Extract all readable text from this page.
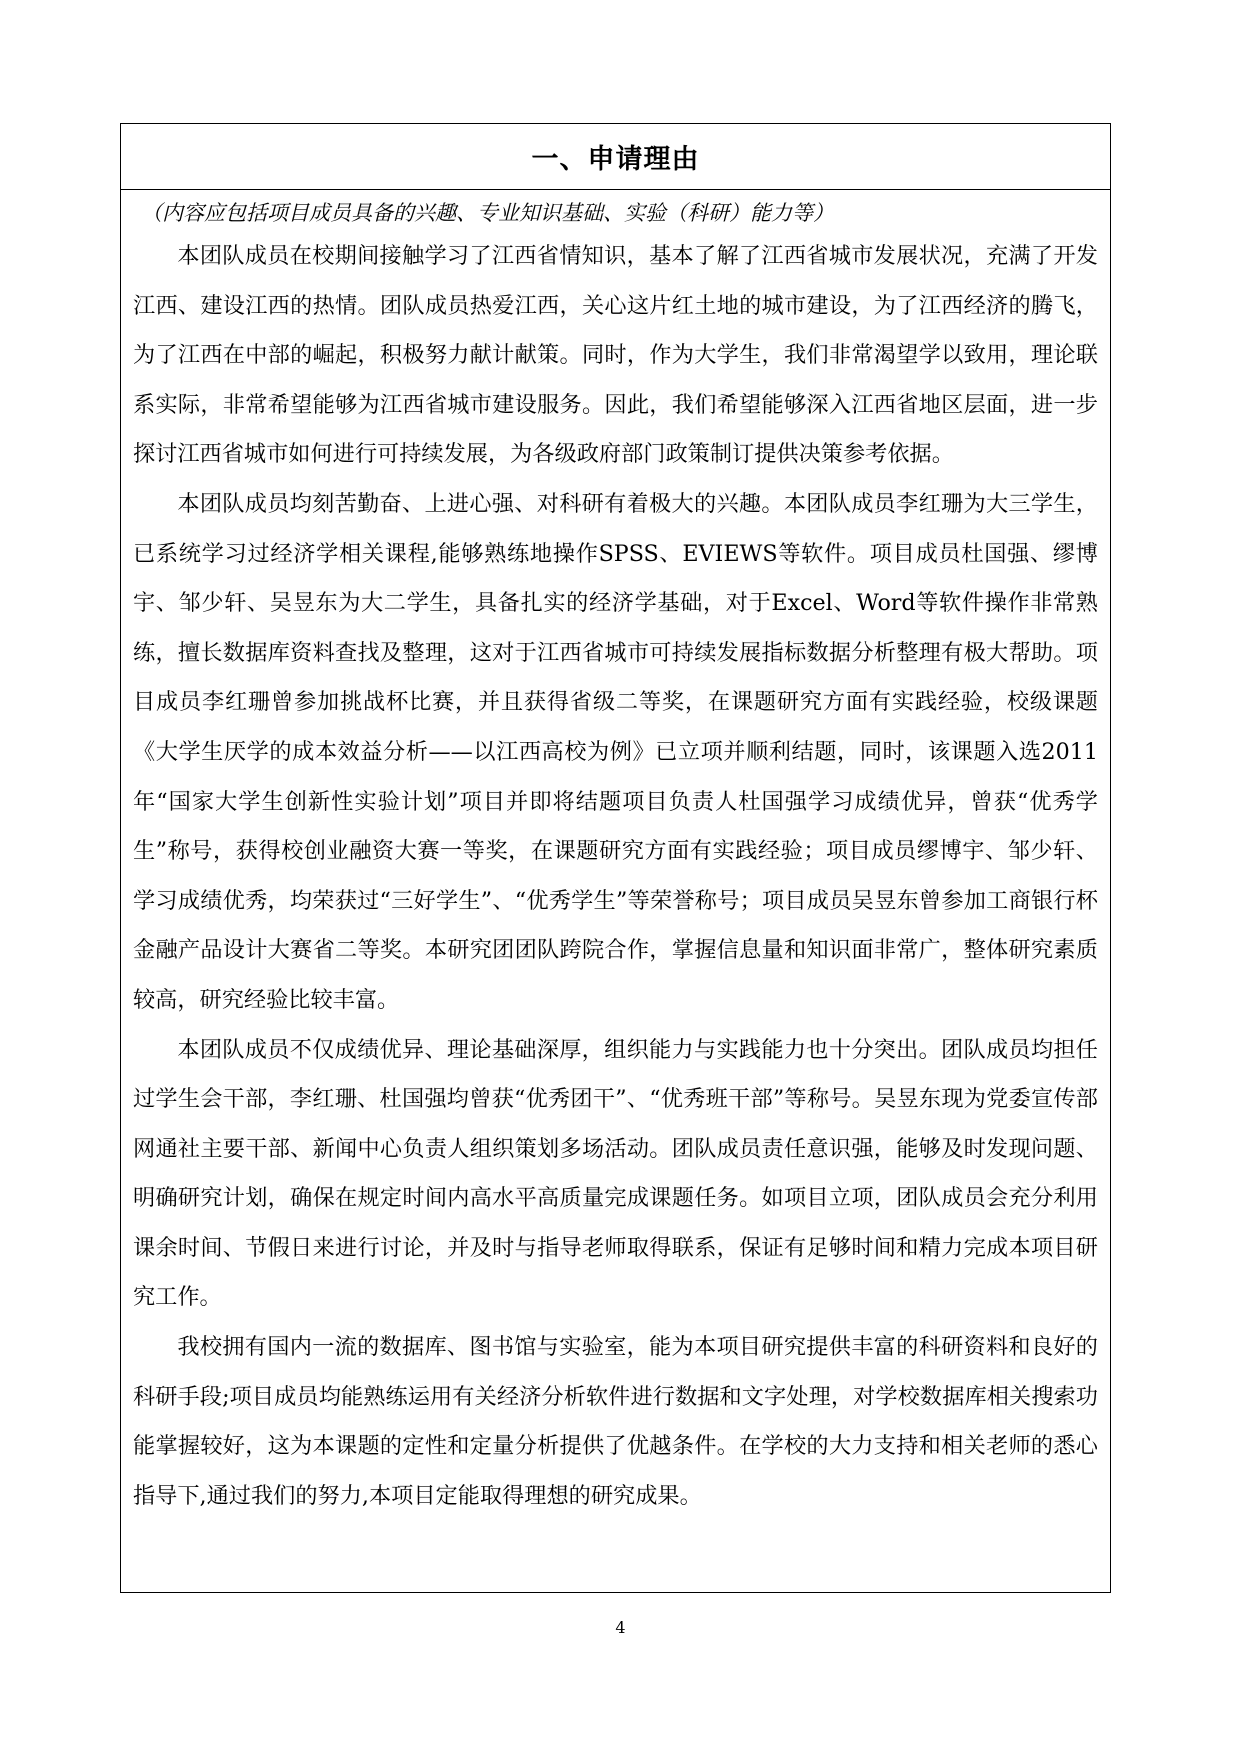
一、申请理由
（内容应包括项目成员具备的兴趣、专业知识基础、实验（科研）能力等）

本团队成员在校期间接触学习了江西省情知识，基本了解了江西省城市发展状况，充满了开发江西、建设江西的热情。团队成员热爱江西，关心这片红土地的城市建设，为了江西经济的腾飞，为了江西在中部的崛起，积极努力献计献策。同时，作为大学生，我们非常渴望学以致用，理论联系实际，非常希望能够为江西省城市建设服务。因此，我们希望能够深入江西省地区层面，进一步探讨江西省城市如何进行可持续发展，为各级政府部门政策制订提供决策参考依据。

本团队成员均刻苦勤奋、上进心强、对科研有着极大的兴趣。本团队成员李红珊为大三学生，已系统学习过经济学相关课程,能够熟练地操作SPSS、EVIEWS等软件。项目成员杜国强、缪博宇、邹少轩、吴昱东为大二学生，具备扎实的经济学基础，对于Excel、Word等软件操作非常熟练，擅长数据库资料查找及整理，这对于江西省城市可持续发展指标数据分析整理有极大帮助。项目成员李红珊曾参加挑战杯比赛，并且获得省级二等奖，在课题研究方面有实践经验，校级课题《大学生厌学的成本效益分析——以江西高校为例》已立项并顺利结题，同时，该课题入选2011年“国家大学生创新性实验计划”项目并即将结题项目负责人杜国强学习成绩优异，曾获“优秀学生”称号，获得校创业融资大赛一等奖，在课题研究方面有实践经验；项目成员缪博宇、邹少轩、学习成绩优秀，均荣获过“三好学生”、“优秀学生”等荣誉称号；项目成员吴昱东曾参加工商银行杯金融产品设计大赛省二等奖。本研究团团队跨院合作，掌握信息量和知识面非常广，整体研究素质较高，研究经验比较丰富。

本团队成员不仅成绩优异、理论基础深厚，组织能力与实践能力也十分突出。团队成员均担任过学生会干部，李红珊、杜国强均曾获“优秀团干”、“优秀班干部”等称号。吴昱东现为党委宣传部网通社主要干部、新闻中心负责人组织策划多场活动。团队成员责任意识强，能够及时发现问题、明确研究计划，确保在规定时间内高水平高质量完成课题任务。如项目立项，团队成员会充分利用课余时间、节假日来进行讨论，并及时与指导老师取得联系，保证有足够时间和精力完成本项目研究工作。

我校拥有国内一流的数据库、图书馆与实验室，能为本项目研究提供丰富的科研资料和良好的科研手段;项目成员均能熟练运用有关经济分析软件进行数据和文字处理，对学校数据库相关搜索功能掌握较好，这为本课题的定性和定量分析提供了优越条件。在学校的大力支持和相关老师的悉心指导下,通过我们的努力,本项目定能取得理想的研究成果。

4
